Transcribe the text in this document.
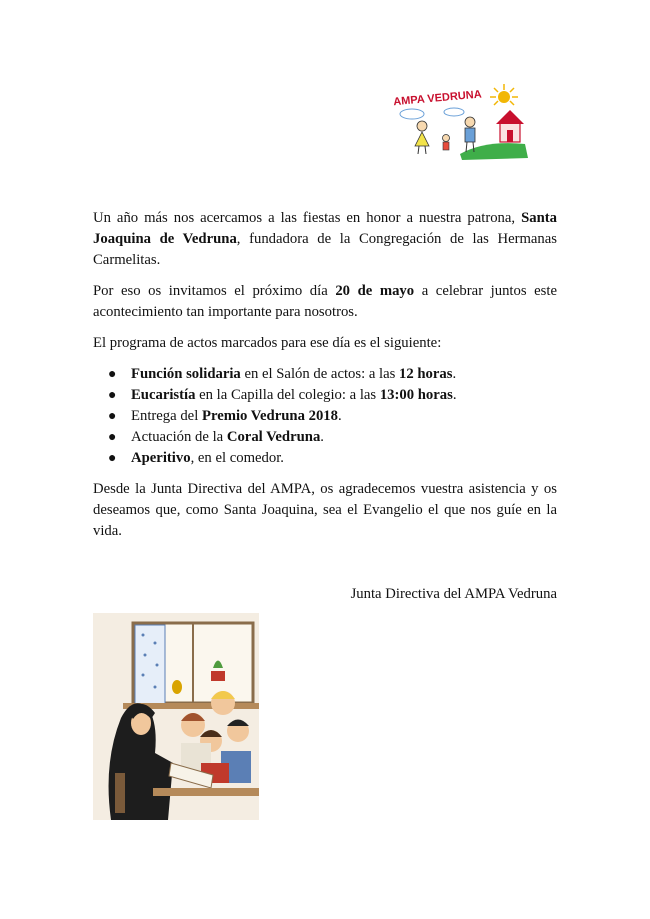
AMPA VEDRUNA

Un año más nos acercamos a las fiestas en honor a nuestra patrona, Santa Joaquina de Vedruna, fundadora de la Congregación de las Hermanas Carmelitas.

Por eso os invitamos el próximo día 20 de mayo a celebrar juntos este acontecimiento tan importante para nosotros.

El programa de actos marcados para ese día es el siguiente:

● Función solidaria en el Salón de actos: a las 12 horas.
● Eucaristía en la Capilla del colegio: a las 13:00 horas.
● Entrega del Premio Vedruna 2018.
● Actuación de la Coral Vedruna.
● Aperitivo, en el comedor.

Desde la Junta Directiva del AMPA, os agradecemos vuestra asistencia y os deseamos que, como Santa Joaquina, sea el Evangelio el que nos guíe en la vida.

Junta Directiva del AMPA Vedruna
